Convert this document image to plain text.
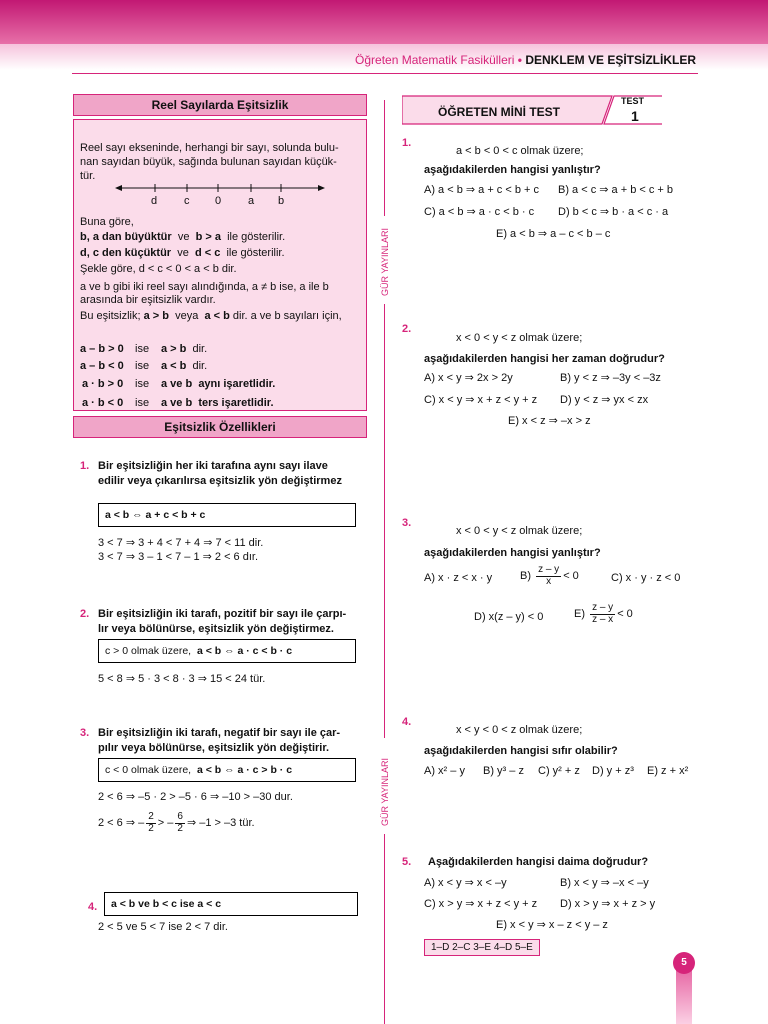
Öğreten Matematik Fasikülleri • DENKLEM VE EŞİTSİZLİKLER
Reel Sayılarda Eşitsizlik
Reel sayı ekseninde, herhangi bir sayı, solunda bulu-
nan sayıdan büyük, sağında bulunan sayıdan küçük-
tür.
d c 0 a b
Buna göre,
b, a dan büyüktür ve b > a ile gösterilir.
d, c den küçüktür ve d < c ile gösterilir.
Şekle göre, d < c < 0 < a < b dir.
a ve b gibi iki reel sayı alındığında, a ≠ b ise, a ile b
arasında bir eşitsizlik vardır.
Bu eşitsizlik; a > b veya a < b dir. a ve b sayıları için,
a – b > 0 ise a > b dir.
a – b < 0 ise a < b dir.
a · b > 0 ise a ve b aynı işaretlidir.
a · b < 0 ise a ve b ters işaretlidir.
Eşitsizlik Özellikleri
1. Bir eşitsizliğin her iki tarafına aynı sayı ilave
edilir veya çıkarılırsa eşitsizlik yön değiştirmez
a < b ⇔ a + c < b + c
3 < 7 ⇒ 3 + 4 < 7 + 4 ⇒ 7 < 11 dir.
3 < 7 ⇒ 3 – 1 < 7 – 1 ⇒ 2 < 6 dır.
2. Bir eşitsizliğin iki tarafı, pozitif bir sayı ile çarpı-
lır veya bölünürse, eşitsizlik yön değiştirmez.
c > 0 olmak üzere, a < b ⇔ a · c < b · c
5 < 8 ⇒ 5 · 3 < 8 · 3 ⇒ 15 < 24 tür.
3. Bir eşitsizliğin iki tarafı, negatif bir sayı ile çar-
pılır veya bölünürse, eşitsizlik yön değiştirir.
c < 0 olmak üzere, a < b ⇔ a · c > b · c
2 < 6 ⇒ –5 · 2 > –5 · 6 ⇒ –10 > –30 dur.
2 < 6 ⇒ – $\frac{2}{2}$ > – $\frac{6}{2}$ ⇒ –1 > –3 tür.
4.	a < b ve b < c ise a < c
2 < 5 ve 5 < 7 ise 2 < 7 dir.
GÜR YAYINLARI
GÜR YAYINLARI
ÖĞRETEN MİNİ TEST
TEST
1
1.
a < b < 0 < c olmak üzere;
aşağıdakilerden hangisi yanlıştır?
A) a < b ⇒ a + c < b + c B) a < c ⇒ a + b < c + b
C) a < b ⇒ a · c < b · c D) b < c ⇒ b · a < c · a
E) a < b ⇒ a – c < b – c
2.
x < 0 < y < z olmak üzere;
aşağıdakilerden hangisi her zaman doğrudur?
A) x < y ⇒ 2x > 2y	B) y < z ⇒ –3y < –3z
C) x < y ⇒ x + z < y + z D) y < z ⇒ yx < zx
E) x < z ⇒ –x > z
3.
x < 0 < y < z olmak üzere;
aşağıdakilerden hangisi yanlıştır?
A) x · z < x · y	$B) \frac{z - y}{x} < 0$	C) x · y · z < 0
D) x(z – y) < 0	$E) \frac{z - y}{z - x} < 0$
4.
x < y < 0 < z olmak üzere;
aşağıdakilerden hangisi sıfır olabilir?
A) x² – y B) y³ – z C) y² + z D) y + z³ E) z + x²
5. Aşağıdakilerden hangisi daima doğrudur?
A) x < y ⇒ x < –y	B) x < y ⇒ –x < –y
C) x > y ⇒ x + z < y + z D) x > y ⇒ x + z > y
E) x < y ⇒ x – z < y – z
1–D 2–C 3–E 4–D 5–E
5
